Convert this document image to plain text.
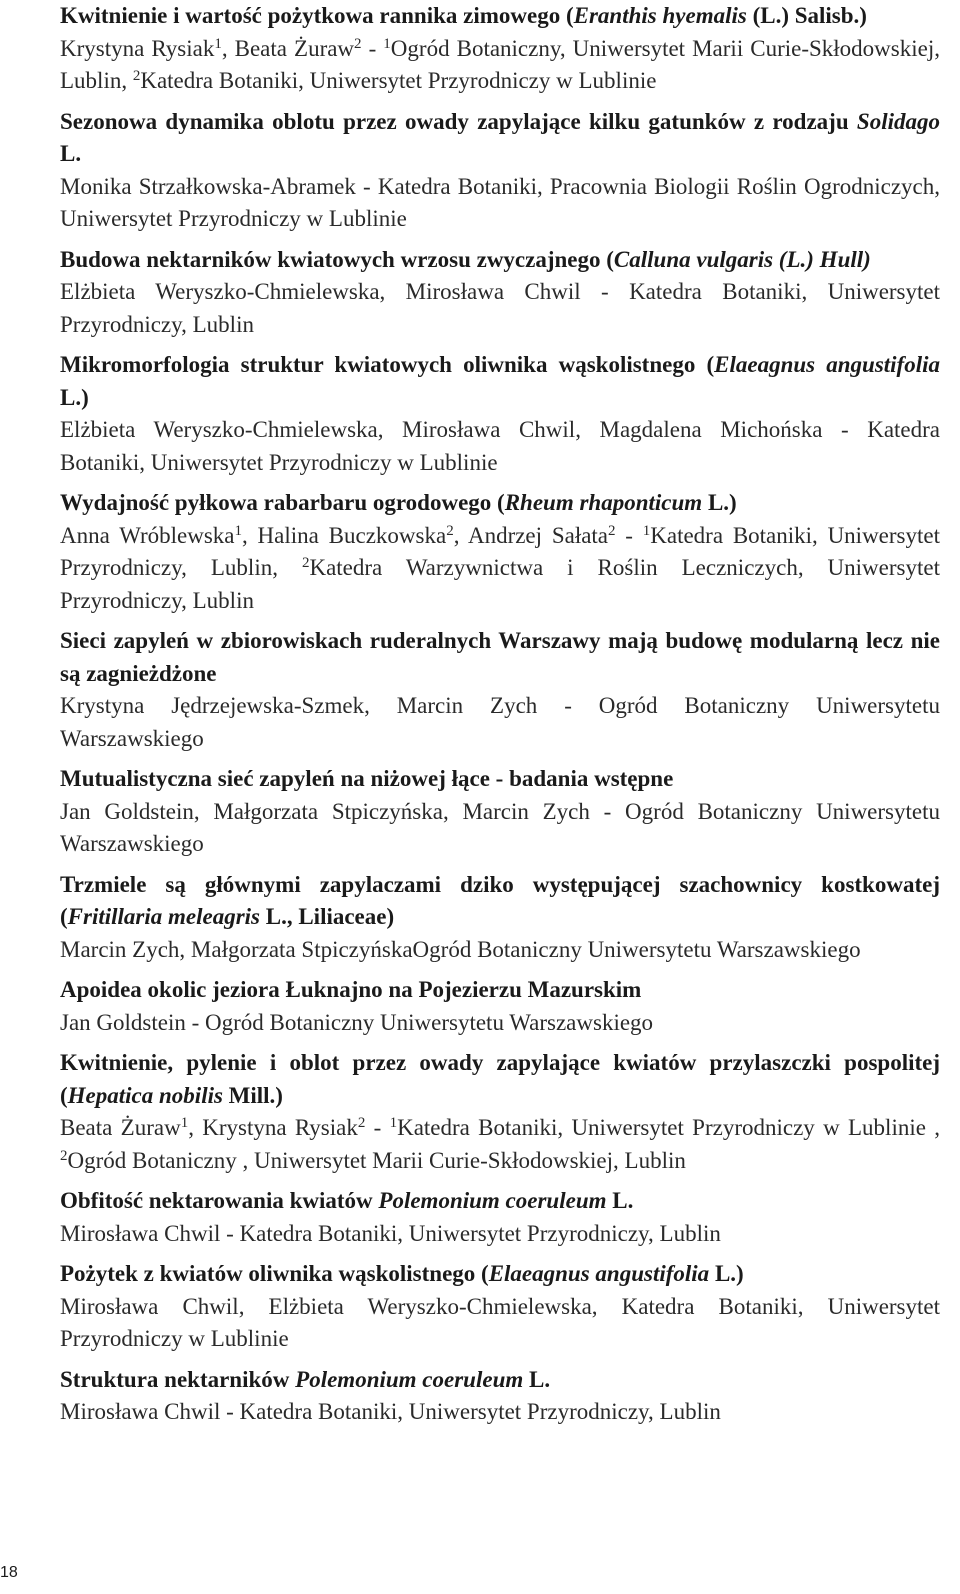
Kwitnienie i wartość pożytkowa rannika zimowego (Eranthis hyemalis (L.) Salisb.)

Krystyna Rysiak$^1$, Beata Żuraw$^2$ - $^1$Ogród Botaniczny, Uniwersytet Marii Curie-Skłodowskiej, Lublin, $^2$Katedra Botaniki, Uniwersytet Przyrodniczy w Lublinie

Sezonowa dynamika oblotu przez owady zapylające kilku gatunków z rodzaju Solidago L.

Monika Strzałkowska-Abramek - Katedra Botaniki, Pracownia Biologii Roślin Ogrodniczych, Uniwersytet Przyrodniczy w Lublinie

Budowa nektarników kwiatowych wrzosu zwyczajnego (Calluna vulgaris (L.) Hull)

Elżbieta Weryszko-Chmielewska, Mirosława Chwil - Katedra Botaniki, Uniwersytet Przyrodniczy, Lublin

Mikromorfologia struktur kwiatowych oliwnika wąskolistnego (Elaeagnus angustifolia L.)

Elżbieta Weryszko-Chmielewska, Mirosława Chwil, Magdalena Michońska - Katedra Botaniki, Uniwersytet Przyrodniczy w Lublinie

Wydajność pyłkowa rabarbaru ogrodowego (Rheum rhaponticum L.)

Anna Wróblewska$^1$, Halina Buczkowska$^2$, Andrzej Sałata$^2$ - $^1$Katedra Botaniki, Uniwersytet Przyrodniczy, Lublin, $^2$Katedra Warzywnictwa i Roślin Leczniczych, Uniwersytet Przyrodniczy, Lublin

Sieci zapyleń w zbiorowiskach ruderalnych Warszawy mają budowę modularną lecz nie są zagnieżdżone

Krystyna Jędrzejewska-Szmek, Marcin Zych - Ogród Botaniczny Uniwersytetu Warszawskiego

Mutualistyczna sieć zapyleń na niżowej łące - badania wstępne

Jan Goldstein, Małgorzata Stpiczyńska, Marcin Zych - Ogród Botaniczny Uniwersytetu Warszawskiego

Trzmiele są głównymi zapylaczami dziko występującej szachownicy kostkowatej (Fritillaria meleagris L., Liliaceae)

Marcin Zych, Małgorzata StpiczyńskaOgród Botaniczny Uniwersytetu Warszawskiego

Apoidea okolic jeziora Łuknajno na Pojezierzu Mazurskim

Jan Goldstein - Ogród Botaniczny Uniwersytetu Warszawskiego

Kwitnienie, pylenie i oblot przez owady zapylające kwiatów przylaszczki pospolitej (Hepatica nobilis Mill.)

Beata Żuraw$^1$, Krystyna Rysiak$^2$ - $^1$Katedra Botaniki, Uniwersytet Przyrodniczy w Lublinie , $^2$Ogród Botaniczny , Uniwersytet Marii Curie-Skłodowskiej, Lublin

Obfitość nektarowania kwiatów Polemonium coeruleum L.

Mirosława Chwil - Katedra Botaniki, Uniwersytet Przyrodniczy, Lublin

Pożytek z kwiatów oliwnika wąskolistnego (Elaeagnus angustifolia L.)

Mirosława Chwil, Elżbieta Weryszko-Chmielewska, Katedra Botaniki, Uniwersytet Przyrodniczy w Lublinie

Struktura nektarników Polemonium coeruleum L.

Mirosława Chwil - Katedra Botaniki, Uniwersytet Przyrodniczy, Lublin

18
